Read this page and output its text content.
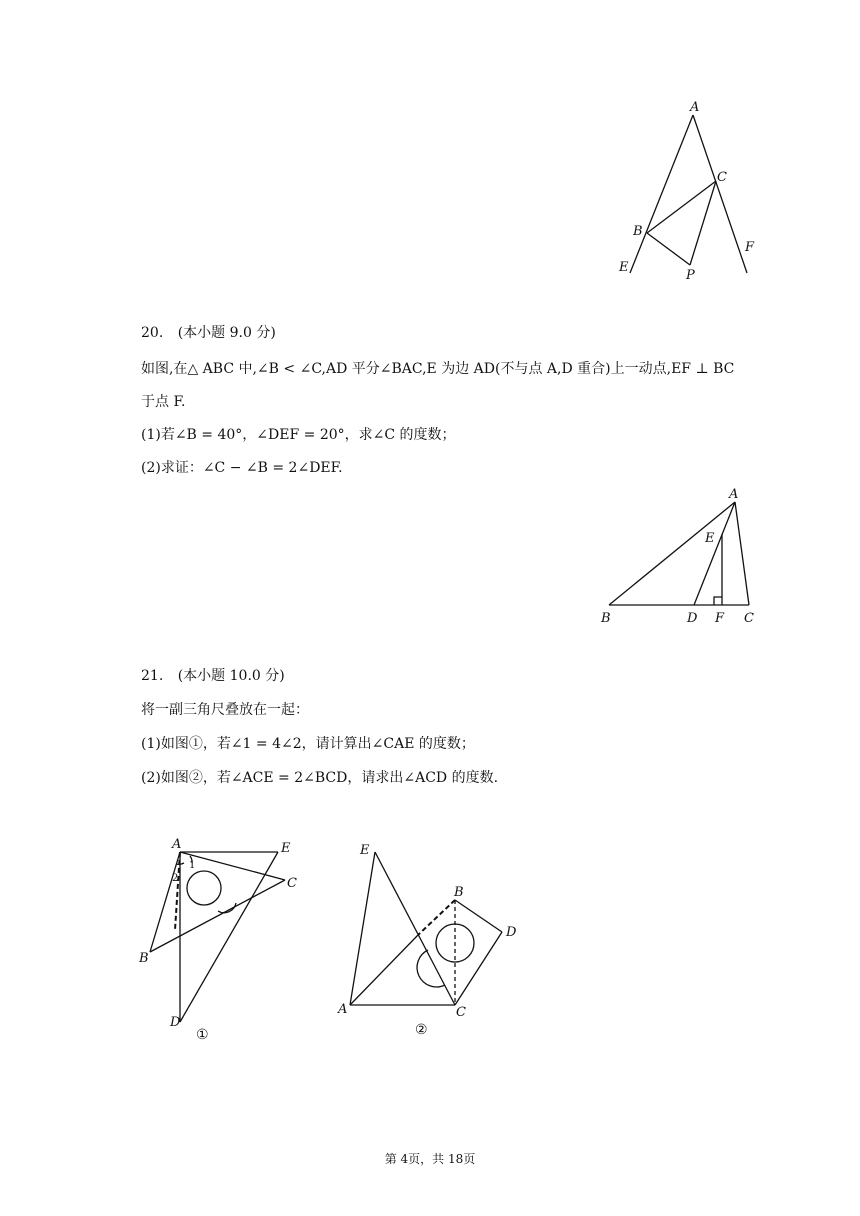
A
C
B
F
E
P
20. (本小题 9.0 分)
如图,在△ ABC 中,∠B < ∠C,AD 平分∠BAC,E 为边 AD(不与点 A,D 重合)上一动点,EF ⊥ BC
于点 F.
(1)若∠B = 40°，∠DEF = 20°，求∠C 的度数；
(2)求证：∠C − ∠B = 2∠DEF.
A
E
B	D F C
21. (本小题 10.0 分)
将一副三角尺叠放在一起：
(1)如图①，若∠1 = 4∠2，请计算出∠CAE 的度数；
(2)如图②，若∠ACE = 2∠BCD，请求出∠ACD 的度数.
A	E
C
1
2
B
D
①
E
B
D
A	C
②
第 4页，共 18页
